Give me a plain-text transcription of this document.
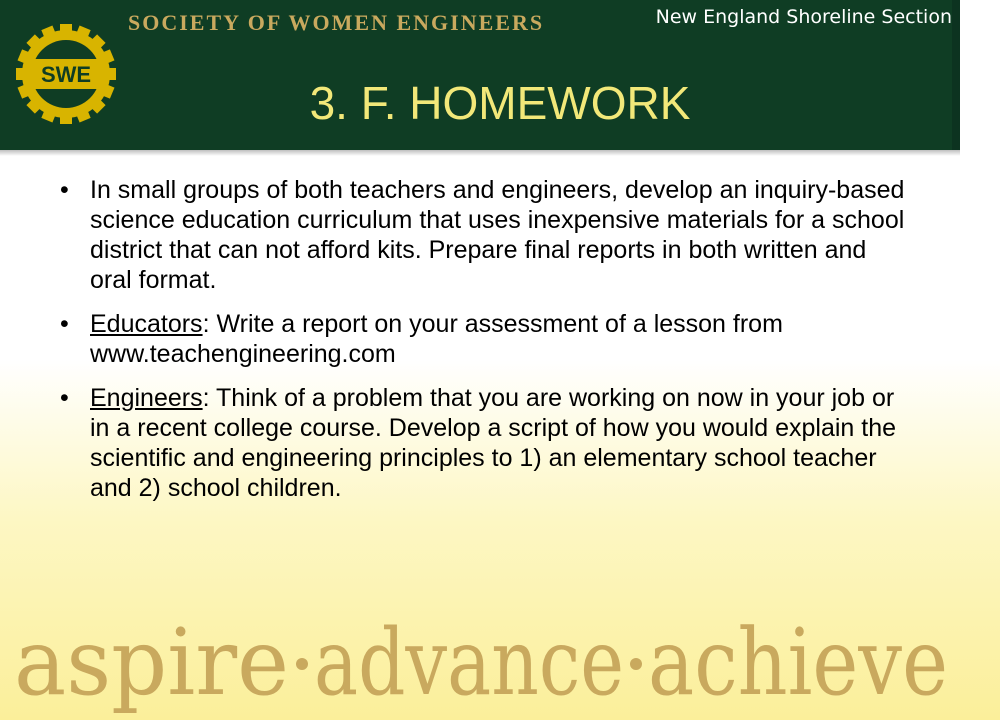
SWE
SOCIETY OF WOMEN ENGINEERS	New England Shoreline Section
3. F. HOMEWORK
• In small groups of both teachers and engineers, develop an inquiry-based science education curriculum that uses inexpensive materials for a school district that can not afford kits. Prepare final reports in both written and oral format.
• Educators: Write a report on your assessment of a lesson from www.teachengineering.com
• Engineers: Think of a problem that you are working on now in your job or in a recent college course. Develop a script of how you would explain the scientific and engineering principles to 1) an elementary school teacher and 2) school children.
aspire advance achieve
